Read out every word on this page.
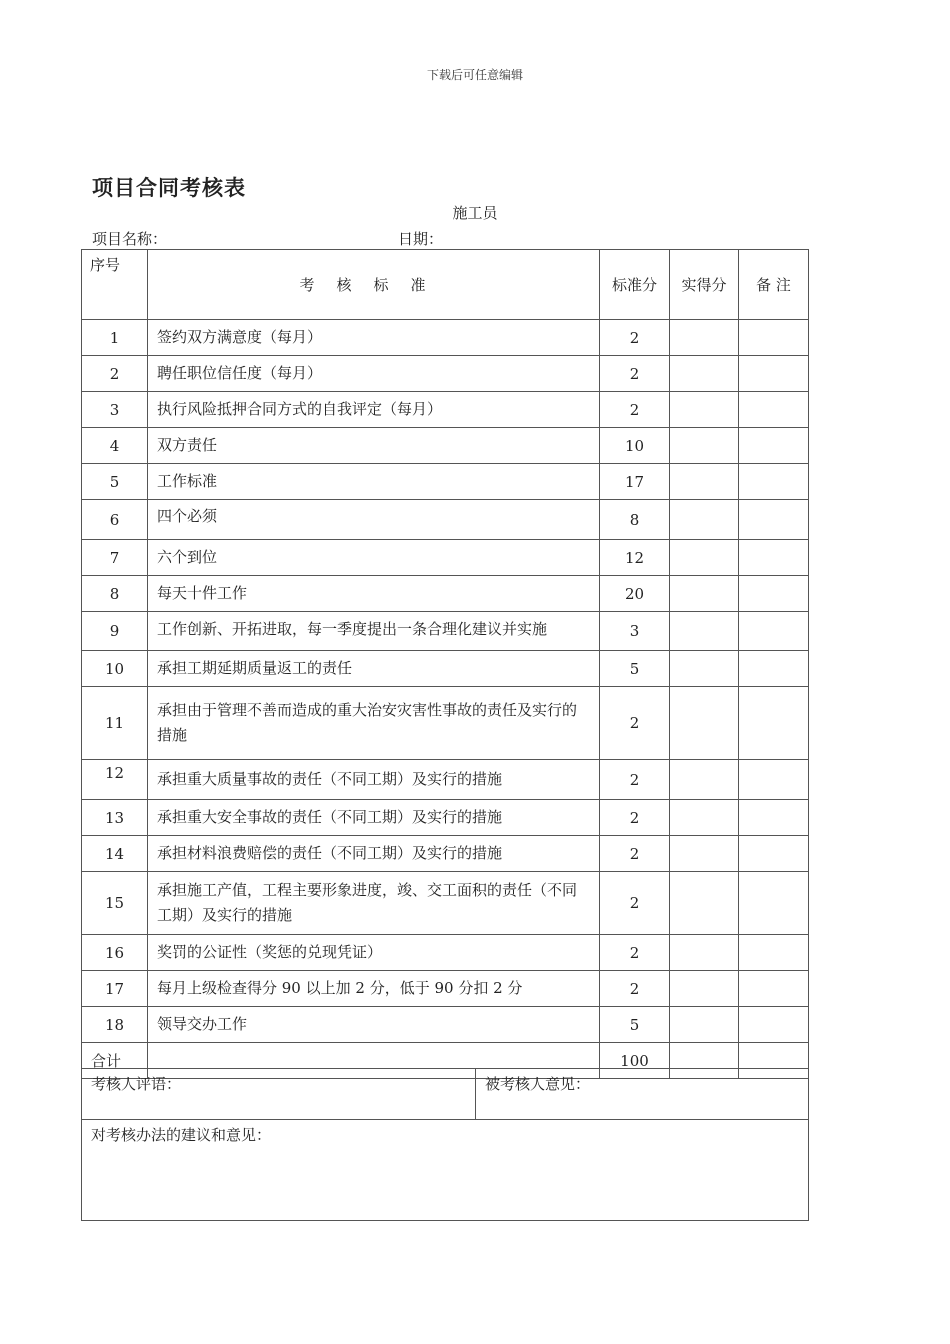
下载后可任意编辑
项目合同考核表
施工员
项目名称：	日期：
序号	考核标准	标准分	实得分	备 注
1	签约双方满意度（每月）	2		
2	聘任职位信任度（每月）	2		
3	执行风险抵押合同方式的自我评定（每月）	2		
4	双方责任	10		
5	工作标准	17		
6	四个必须	8		
7	六个到位	12		
8	每天十件工作	20		
9	工作创新、开拓进取，每一季度提出一条合理化建议并实施	3		
10	承担工期延期质量返工的责任	5		
11	承担由于管理不善而造成的重大治安灾害性事故的责任及实行的措施	2		
12	承担重大质量事故的责任（不同工期）及实行的措施	2		
13	承担重大安全事故的责任（不同工期）及实行的措施	2		
14	承担材料浪费赔偿的责任（不同工期）及实行的措施	2		
15	承担施工产值，工程主要形象进度，竣、交工面积的责任（不同工期）及实行的措施	2		
16	奖罚的公证性（奖惩的兑现凭证）	2		
17	每月上级检查得分 90 以上加 2 分，低于 90 分扣 2 分	2		
18	领导交办工作	5		
合计		100		
考核人评语：	被考核人意见：
对考核办法的建议和意见：
